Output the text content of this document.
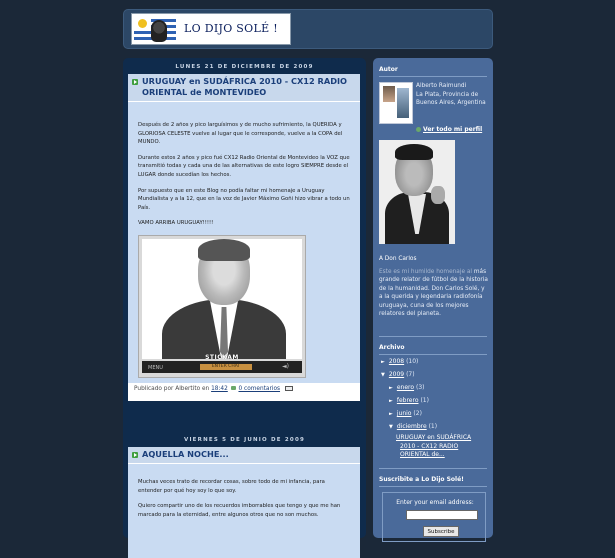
LO DIJO SOLÉ !
LUNES 21 DE DICIEMBRE DE 2009
URUGUAY en SUDÁFRICA 2010 - CX12 RADIO
ORIENTAL de MONTEVIDEO

Después de 2 años y pico larguísimos y de mucho sufrimiento, la QUERIDA y GLORIOSA CELESTE vuelve al lugar que le corresponde, vuelve a la COPA del MUNDO.

Durante estos 2 años y pico fué CX12 Radio Oriental de Montevideo la VOZ que transmitió todas y cada una de las alternativas de este logro SIEMPRE desde el LUGAR donde sucedían los hechos.

Por supuesto que en este Blog no podía faltar mi homenaje a Uruguay Mundialista y a la 12, que en la voz de Javier Máximo Goñi hizo vibrar a todo un País.

VAMO ARRIBA URUGUAY!!!!!

STICKAM
MENU	ENTER CHAT	◄)
Publicado por Albertito en 18:42 0 comentarios
VIERNES 5 DE JUNIO DE 2009
AQUELLA NOCHE...

Muchas veces trato de recordar cosas, sobre todo de mi infancia, para entender por qué hoy soy lo que soy.

Quiero compartir uno de los recuerdos imborrables que tengo y que me han marcado para la eternidad, entre algunos otros que no son muchos.

Autor
Alberto Raimundi
La Plata, Provincia de Buenos Aires, Argentina
Ver todo mi perfil
A Don Carlos
Este es mi humilde homenaje al más grande relator de fútbol de la historia de la humanidad. Don Carlos Solé, y a la querida y legendaria radiofonía uruguaya, cuna de los mejores relatores del planeta.
Archivo
► 2008 (10)
▼ 2009 (7)
► enero (3)
► febrero (1)
► junio (2)
▼ diciembre (1)
URUGUAY en SUDÁFRICA
2010 - CX12 RADIO
ORIENTAL de...
Suscribite a Lo Dijo Solé!
Enter your email address:
Subscribe
